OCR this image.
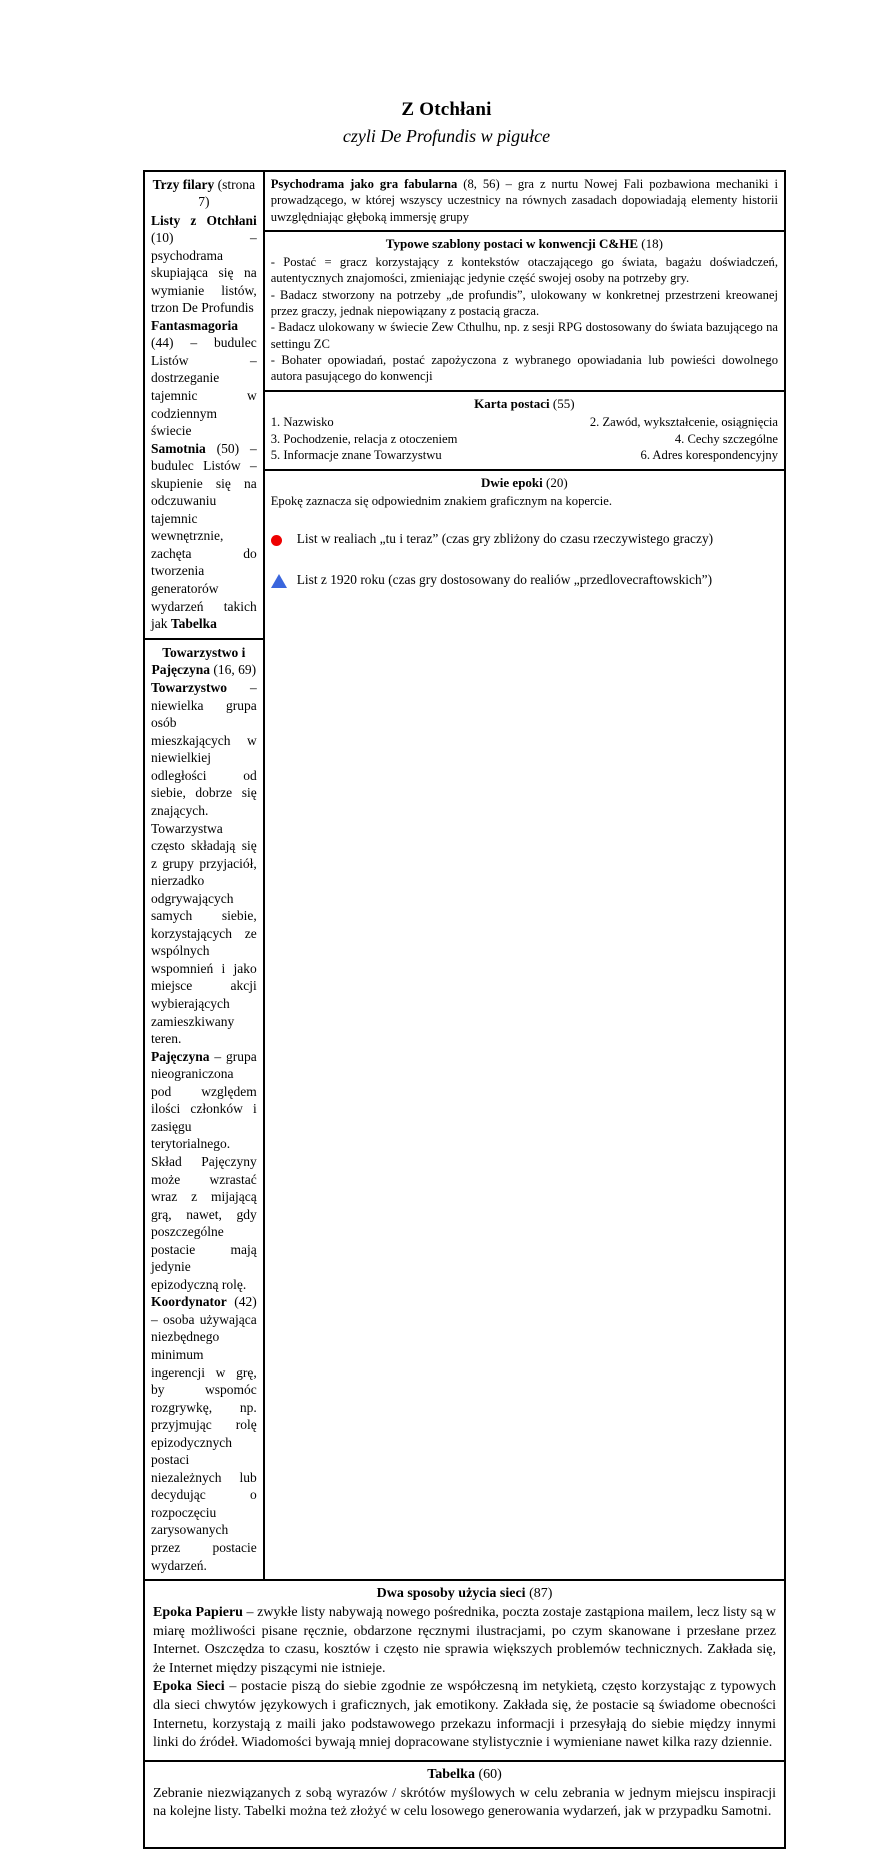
Z Otchłani
czyli De Profundis w pigułce
Trzy filary (strona 7)

Listy z Otchłani (10) – psychodrama skupiająca się na wymianie listów, trzon De Profundis

Fantasmagoria (44) – budulec Listów – dostrzeganie tajemnic w codziennym świecie

Samotnia (50) – budulec Listów – skupienie się na odczuwaniu tajemnic wewnętrznie, zachęta do tworzenia generatorów wydarzeń takich jak Tabelka

Towarzystwo i Pajęczyna (16, 69)

Towarzystwo – niewielka grupa osób mieszkających w niewielkiej odległości od siebie, dobrze się znających. Towarzystwa często składają się z grupy przyjaciół, nierzadko odgrywających samych siebie, korzystających ze wspólnych wspomnień i jako miejsce akcji wybierających zamieszkiwany teren.

Pajęczyna – grupa nieograniczona pod względem ilości członków i zasięgu terytorialnego. Skład Pajęczyny może wzrastać wraz z mijającą grą, nawet, gdy poszczególne postacie mają jedynie epizodyczną rolę.

Koordynator (42) – osoba używająca niezbędnego minimum ingerencji w grę, by wspomóc rozgrywkę, np. przyjmując rolę epizodycznych postaci niezależnych lub decydując o rozpoczęciu zarysowanych przez postacie wydarzeń.

Psychodrama jako gra fabularna (8, 56) – gra z nurtu Nowej Fali pozbawiona mechaniki i prowadzącego, w której wszyscy uczestnicy na równych zasadach dopowiadają elementy historii uwzględniając głęboką immersję grupy

Typowe szablony postaci w konwencji C&HE (18)

- Postać = gracz korzystający z kontekstów otaczającego go świata, bagażu doświadczeń, autentycznych znajomości, zmieniając jedynie część swojej osoby na potrzeby gry.

- Badacz stworzony na potrzeby „de profundis”, ulokowany w konkretnej przestrzeni kreowanej przez graczy, jednak niepowiązany z postacią gracza.

- Badacz ulokowany w świecie Zew Cthulhu, np. z sesji RPG dostosowany do świata bazującego na settingu ZC

- Bohater opowiadań, postać zapożyczona z wybranego opowiadania lub powieści dowolnego autora pasującego do konwencji

Karta postaci (55)
1. Nazwisko	2. Zawód, wykształcenie, osiągnięcia
3. Pochodzenie, relacja z otoczeniem	4. Cechy szczególne
5. Informacje znane Towarzystwu	6. Adres korespondencyjny
Dwie epoki (20)
Epokę zaznacza się odpowiednim znakiem graficznym na kopercie.
List w realiach „tu i teraz” (czas gry zbliżony do czasu rzeczywistego graczy)
List z 1920 roku (czas gry dostosowany do realiów „przedlovecraftowskich”)
Dwa sposoby użycia sieci (87)

Epoka Papieru – zwykłe listy nabywają nowego pośrednika, poczta zostaje zastąpiona mailem, lecz listy są w miarę możliwości pisane ręcznie, obdarzone ręcznymi ilustracjami, po czym skanowane i przesłane przez Internet. Oszczędza to czasu, kosztów i często nie sprawia większych problemów technicznych. Zakłada się, że Internet między piszącymi nie istnieje.

Epoka Sieci – postacie piszą do siebie zgodnie ze współczesną im netykietą, często korzystając z typowych dla sieci chwytów językowych i graficznych, jak emotikony. Zakłada się, że postacie są świadome obecności Internetu, korzystają z maili jako podstawowego przekazu informacji i przesyłają do siebie między innymi linki do źródeł. Wiadomości bywają mniej dopracowane stylistycznie i wymieniane nawet kilka razy dziennie.

Tabelka (60)

Zebranie niezwiązanych z sobą wyrazów / skrótów myślowych w celu zebrania w jednym miejscu inspiracji na kolejne listy. Tabelki można też złożyć w celu losowego generowania wydarzeń, jak w przypadku Samotni.
